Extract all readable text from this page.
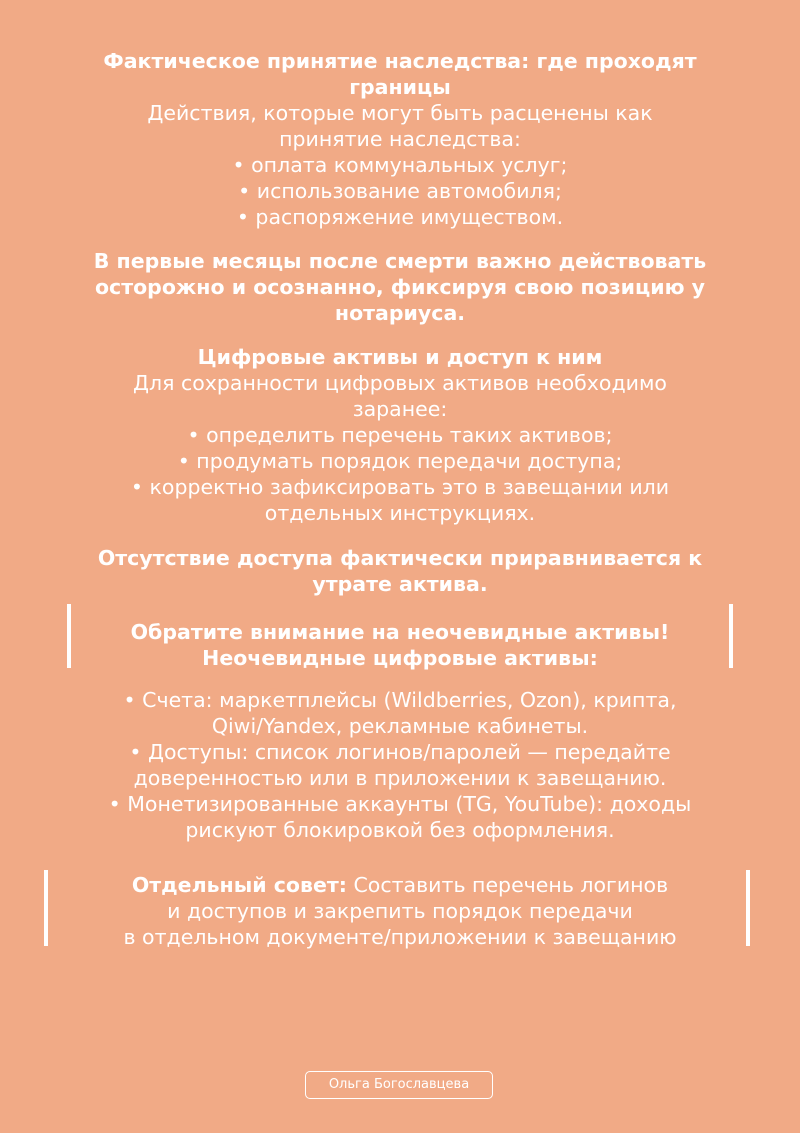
Фактическое принятие наследства: где проходят
границы
Действия, которые могут быть расценены как
принятие наследства:
• оплата коммунальных услуг;
• использование автомобиля;
• распоряжение имуществом.
В первые месяцы после смерти важно действовать
осторожно и осознанно, фиксируя свою позицию у
нотариуса.
Цифровые активы и доступ к ним
Для сохранности цифровых активов необходимо
заранее:
• определить перечень таких активов;
• продумать порядок передачи доступа;
• корректно зафиксировать это в завещании или
отдельных инструкциях.
Отсутствие доступа фактически приравнивается к
утрате актива.
Обратите внимание на неочевидные активы!
Неочевидные цифровые активы:
• Счета: маркетплейсы (Wildberries, Ozon), крипта,
Qiwi/Yandex, рекламные кабинеты.
• Доступы: список логинов/паролей — передайте
доверенностью или в приложении к завещанию.
• Монетизированные аккаунты (TG, YouTube): доходы
рискуют блокировкой без оформления.
Отдельный совет: Составить перечень логинов
и доступов и закрепить порядок передачи
в отдельном документе/приложении к завещанию
Ольга Богославцева
